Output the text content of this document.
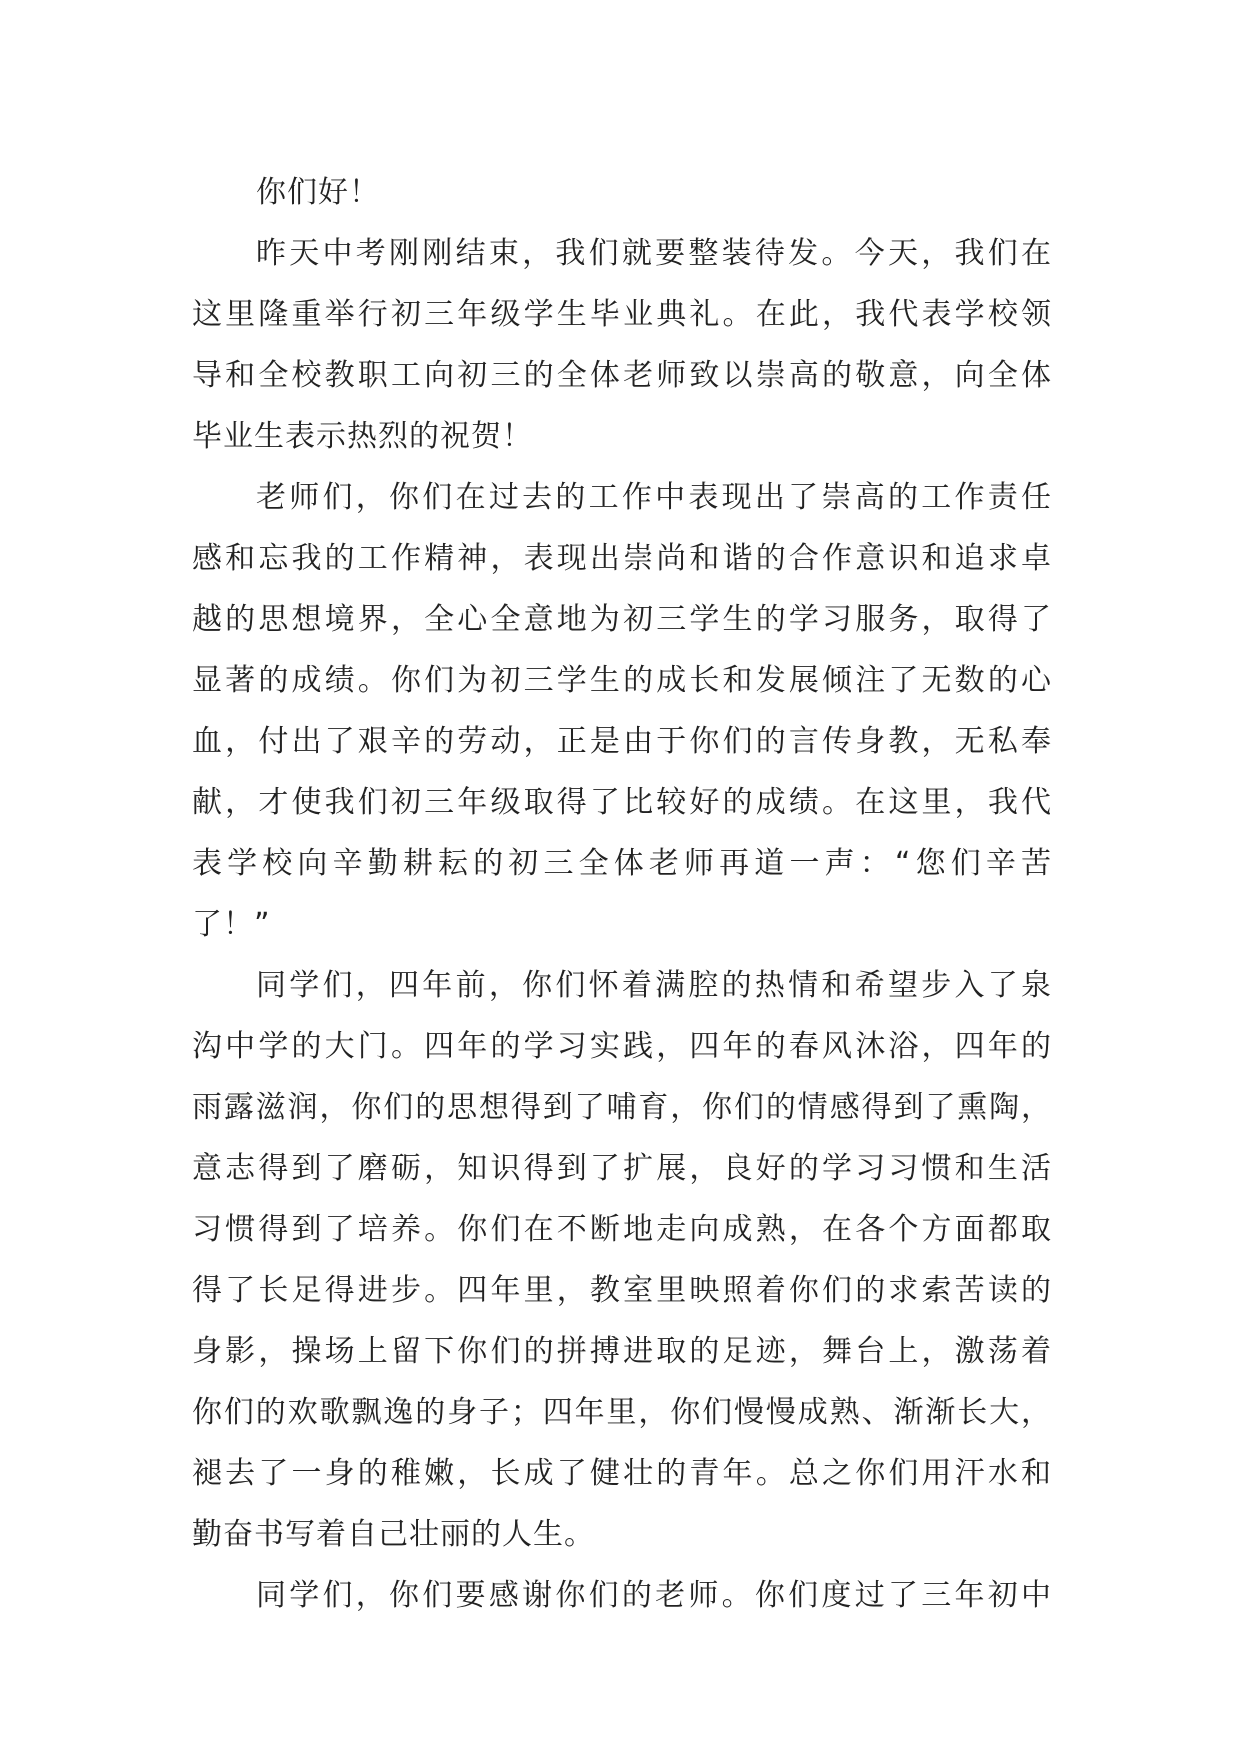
你们好！
昨天中考刚刚结束，我们就要整装待发。今天，我们在
这里隆重举行初三年级学生毕业典礼。在此，我代表学校领
导和全校教职工向初三的全体老师致以崇高的敬意，向全体
毕业生表示热烈的祝贺！
老师们，你们在过去的工作中表现出了崇高的工作责任
感和忘我的工作精神，表现出崇尚和谐的合作意识和追求卓
越的思想境界，全心全意地为初三学生的学习服务，取得了
显著的成绩。你们为初三学生的成长和发展倾注了无数的心
血，付出了艰辛的劳动，正是由于你们的言传身教，无私奉
献，才使我们初三年级取得了比较好的成绩。在这里，我代
表学校向辛勤耕耘的初三全体老师再道一声：“您们辛苦
了！”
同学们，四年前，你们怀着满腔的热情和希望步入了泉
沟中学的大门。四年的学习实践，四年的春风沐浴，四年的
雨露滋润，你们的思想得到了哺育，你们的情感得到了熏陶，
意志得到了磨砺，知识得到了扩展，良好的学习习惯和生活
习惯得到了培养。你们在不断地走向成熟，在各个方面都取
得了长足得进步。四年里，教室里映照着你们的求索苦读的
身影，操场上留下你们的拼搏进取的足迹，舞台上，激荡着
你们的欢歌飘逸的身子；四年里，你们慢慢成熟、渐渐长大，
褪去了一身的稚嫩，长成了健壮的青年。总之你们用汗水和
勤奋书写着自己壮丽的人生。
同学们，你们要感谢你们的老师。你们度过了三年初中
